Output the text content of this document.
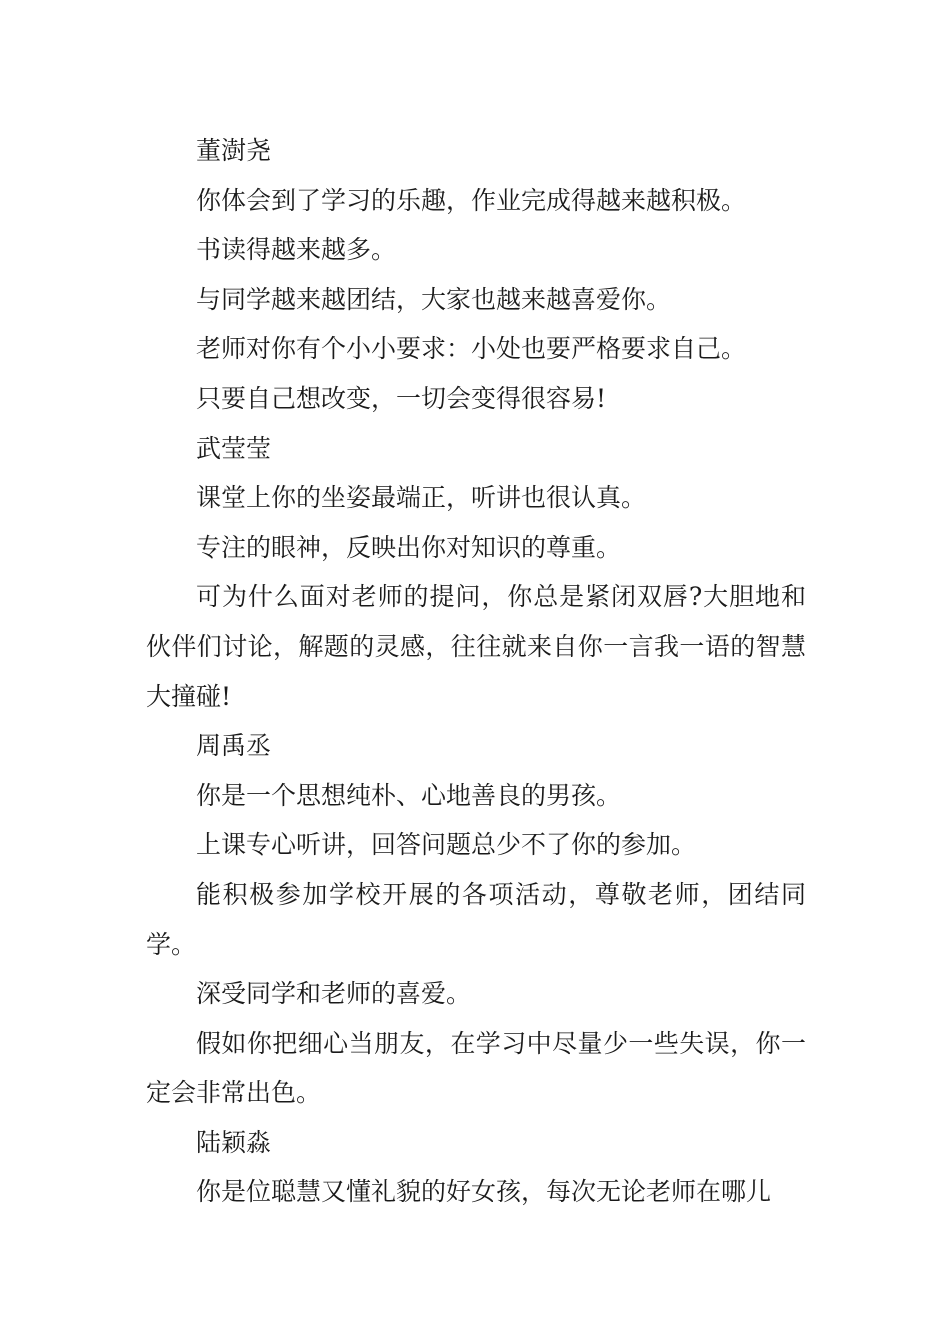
董澍尧

你体会到了学习的乐趣，作业完成得越来越积极。

书读得越来越多。

与同学越来越团结，大家也越来越喜爱你。

老师对你有个小小要求：小处也要严格要求自己。

只要自己想改变，一切会变得很容易!

武莹莹

课堂上你的坐姿最端正，听讲也很认真。

专注的眼神，反映出你对知识的尊重。

可为什么面对老师的提问，你总是紧闭双唇?大胆地和伙伴们讨论，解题的灵感，往往就来自你一言我一语的智慧大撞碰!

周禹丞

你是一个思想纯朴、心地善良的男孩。

上课专心听讲，回答问题总少不了你的参加。

能积极参加学校开展的各项活动，尊敬老师，团结同学。

深受同学和老师的喜爱。

假如你把细心当朋友，在学习中尽量少一些失误，你一定会非常出色。

陆颖淼

你是位聪慧又懂礼貌的好女孩，每次无论老师在哪儿
